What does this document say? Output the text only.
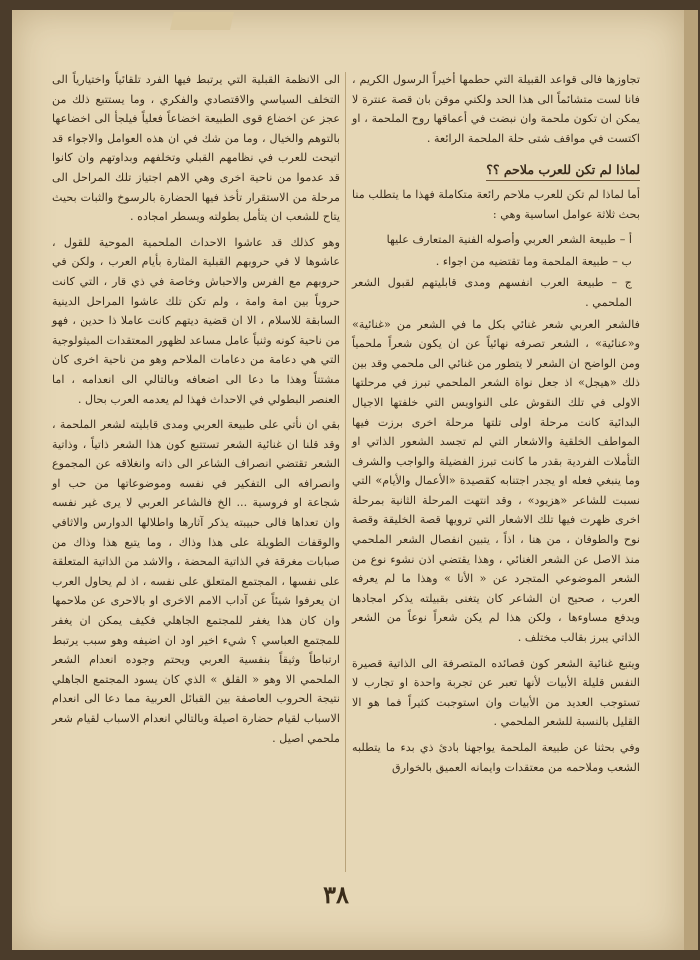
تجاوزها فالى قواعد القبيلة التي حطمها أخيراً الرسول الكريم ، فانا لست متشائماً الى هذا الحد ولكني موقن بان قصة عنترة لا يمكن ان تكون ملحمة وان نبضت في أعماقها روح الملحمة ، او اكتست في مواقف شتى حلة الملحمة الرائعة .

لماذا لم تكن للعرب ملاحم ؟؟

أما لماذا لم تكن للعرب ملاحم رائعة متكاملة فهذا ما يتطلب منا بحث ثلاثة عوامل اساسية وهي :

أ – طبيعة الشعر العربي وأصوله الفنية المتعارف عليها
ب – طبيعة الملحمة وما تقتضيه من اجواء .
ج – طبيعة العرب انفسهم ومدى قابليتهم لقبول الشعر الملحمي .

فالشعر العربي شعر غنائي بكل ما في الشعر من «غنائية» و«عنائية» ، الشعر تصرفه نهائياً عن ان يكون شعراً ملحمياً ومن الواضح ان الشعر لا يتطور من غنائي الى ملحمي وقد بين ذلك «هيجل» اذ جعل نواة الشعر الملحمي تبرز في مرحلتها الاولى في تلك النقوش على النواويس التي خلفتها الاجيال البدائية كانت مرحلة اولى تلتها مرحلة اخرى برزت فيها المواطف الخلقية والاشعار التي لم تجسد الشعور الذاتي او التأملات الفردية بقدر ما كانت تبرز الفضيلة والواجب والشرف وما ينبغي فعله او يجدر اجتنابه كقصيدة «الأعمال والأيام» التي نسبت للشاعر «هزيود» ، وقد انتهت المرحلة الثانية بمرحلة اخرى ظهرت فيها تلك الاشعار التي ترويها قصة الخليقة وقصة نوح والطوفان ، من هنا ، اذاً ، يتبين انفصال الشعر الملحمي منذ الاصل عن الشعر الغنائي ، وهذا يقتضي اذن نشوء نوع من الشعر الموضوعي المتجرد عن « الأنا » وهذا ما لم يعرفه العرب ، صحيح ان الشاعر كان يتغنى بقبيلته يذكر امجادها ويدفع مساوءها ، ولكن هذا لم يكن شعراً نوعاً من الشعر الذاتي يبرز بقالب مختلف .

ويتبع غنائية الشعر كون قصائده المتصرفة الى الذاتية قصيرة النفس قليلة الأبيات لأنها تعبر عن تجربة واحدة او تجارب لا تستوجب العديد من الأبيات وان استوجبت كثيراً فما هو الا القليل بالنسبة للشعر الملحمي .

وفي بحثنا عن طبيعة الملحمة يواجهنا بادئ ذي بدء ما يتطلبه الشعب وملاحمه من معتقدات وايمانه العميق بالخوارق

الى الانظمة القبلية التي يرتبط فيها الفرد تلقائياً واختيارياً الى التخلف السياسي والاقتصادي والفكري ، وما يستتبع ذلك من عجز عن اخضاع قوى الطبيعة اخضاعاً فعلياً فيلجأ الى اخضاعها بالتوهم والخيال ، وما من شك في ان هذه العوامل والاجواء قد اتيحت للعرب في نظامهم القبلي وتخلفهم وبداوتهم وان كانوا قد عدموا من ناحية اخرى وهي الاهم اجتياز تلك المراحل الى مرحلة من الاستقرار تأخذ فيها الحضارة بالرسوخ والثبات بحيث يتاح للشعب ان يتأمل بطولته ويسطر امجاده .

وهو كذلك قد عاشوا الاحداث الملحمية الموحية للقول ، عاشوها لا في حروبهم القبلية المثارة بأيام العرب ، ولكن في حروبهم مع الفرس والاحباش وخاصة في ذي قار ، التي كانت حروباً بين امة وامة ، ولم تكن تلك عاشوا المراحل الدينية السابقة للاسلام ، الا ان قضية ديتهم كانت عاملا ذا حدين ، فهو من ناحية كونه وثنياً عامل مساعد لظهور المعتقدات الميثولوجية التي هي دعامة من دعامات الملاحم وهو من ناحية اخرى كان مشتتاً وهذا ما دعا الى اضعافه وبالتالي الى انعدامه ، اما العنصر البطولي في الاحداث فهذا لم يعدمه العرب بحال .

بقي ان نأتي على طبيعة العربي ومدى قابليته لشعر الملحمة ، وقد قلنا ان غنائية الشعر تستتبع كون هذا الشعر ذاتياً ، وذاتية الشعر تقتضي انصراف الشاعر الى ذاته وانغلاقه عن المجموع وانصرافه الى التفكير في نفسه وموضوعاتها من حب او شجاعة او فروسية ... الخ فالشاعر العربي لا يرى غير نفسه وان تعداها فالى حبيبته يذكر آثارها واطلالها الدوارس والاثافي والوقفات الطويلة على هذا وذاك ، وما يتبع هذا وذاك من صبابات مغرقة في الذاتية المحضة ، والاشد من الذاتية المتعلقة على نفسها ، المجتمع المتعلق على نفسه ، اذ لم يحاول العرب ان يعرفوا شيئاً عن آداب الامم الاخرى او بالاحرى عن ملاحمها وان كان هذا يغفر للمجتمع الجاهلي فكيف يمكن ان يغفر للمجتمع العباسي ؟ شيء اخير اود ان اضيفه وهو سبب يرتبط ارتباطاً وثيقاً بنفسية العربي ويحتم وجوده انعدام الشعر الملحمي الا وهو « القلق » الذي كان يسود المجتمع الجاهلي نتيجة الحروب العاصفة بين القبائل العربية مما دعا الى انعدام الاسباب لقيام حضارة اصيلة وبالتالي انعدام الاسباب لقيام شعر ملحمي اصيل .

٣٨
